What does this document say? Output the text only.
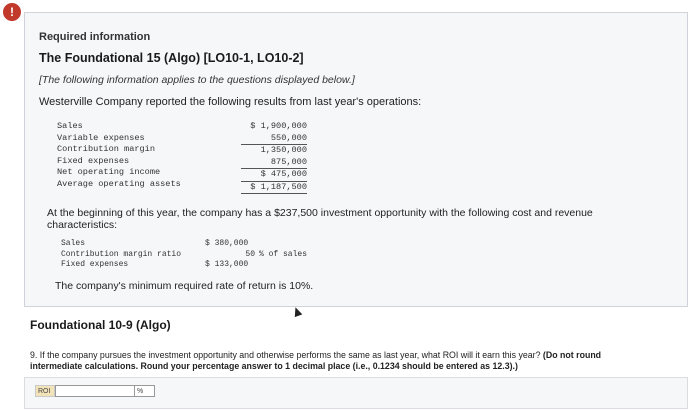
!
Required information
The Foundational 15 (Algo) [LO10-1, LO10-2]
[The following information applies to the questions displayed below.]
Westerville Company reported the following results from last year's operations:
Sales
Variable expenses
Contribution margin
Fixed expenses
Net operating income
Average operating assets
$ 1,900,000
550,000
1,350,000
875,000
$ 475,000
$ 1,187,500
At the beginning of this year, the company has a $237,500 investment opportunity with the following cost and revenue characteristics:
Sales
Contribution margin ratio
Fixed expenses
$ 380,000
50 % of sales
$ 133,000
The company's minimum required rate of return is 10%.
Foundational 10-9 (Algo)
9. If the company pursues the investment opportunity and otherwise performs the same as last year, what ROI will it earn this year? (Do not round intermediate calculations. Round your percentage answer to 1 decimal place (i.e., 0.1234 should be entered as 12.3).)
ROI	%
